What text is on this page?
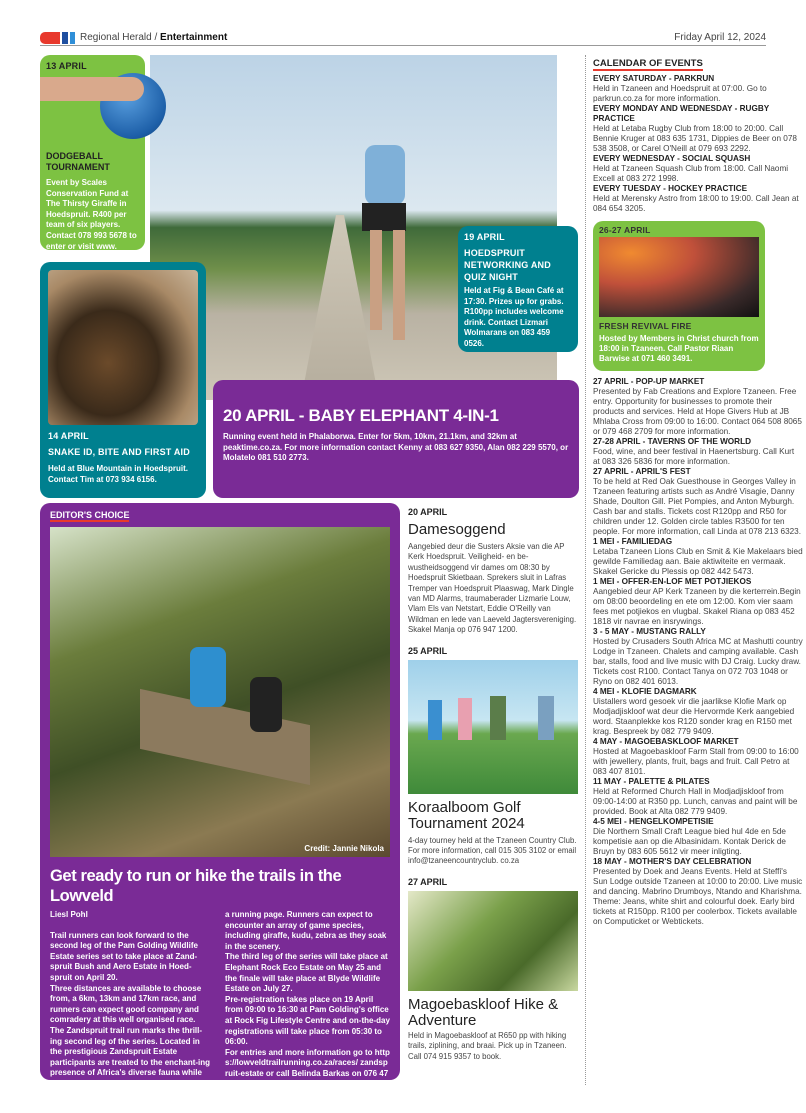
Regional Herald / Entertainment	Friday April 12, 2024
13 APRIL
DODGEBALL TOURNAMENT
Event by Scales Conservation Fund at The Thirsty Giraffe in Hoedspruit. R400 per team of six players. Contact 078 993 5678 to enter or visit www. scales.org.za/events.
14 APRIL
SNAKE ID, BITE AND FIRST AID
Held at Blue Mountain in Hoedspruit. Contact Tim at 073 934 6156.
19 APRIL
HOEDSPRUIT NETWORKING AND QUIZ NIGHT
Held at Fig & Bean Café at 17:30. Prizes up for grabs. R100pp includes welcome drink. Contact Lizmari Wolmarans on 083 459 0526.
20 APRIL - BABY ELEPHANT 4-IN-1
Running event held in Phalaborwa. Enter for 5km, 10km, 21.1km, and 32km at peaktime.co.za. For more information contact Kenny at 083 627 9350, Alan 082 229 5570, or Molatelo 081 510 2773.
EDITOR'S CHOICE
Credit: Jannie Nikola
Get ready to run or hike the trails in the Lowveld
Liesl Pohl

Trail runners can look forward to the second leg of the Pam Golding Wildlife Estate series set to take place at Zand-spruit Bush and Aero Estate in Hoed-spruit on April 20.

Three distances are available to choose from, a 6km, 13km and 17km race, and runners can expect good company and comradery at this well organised race.

The Zandspruit trail run marks the thrill-ing second leg of the series. Located in the prestigious Zandspruit Estate participants are treated to the enchant-ing presence of Africa's diverse fauna while traversing the trials on foot or at

a running page. Runners can expect to encounter an array of game species, including giraffe, kudu, zebra as they soak in the scenery.

The third leg of the series will take place at Elephant Rock Eco Estate on May 25 and the finale will take place at Blyde Wildlife Estate on July 27.

Pre-registration takes place on 19 April from 09:00 to 16:30 at Pam Golding's office at Rock Fig Lifestyle Centre and on-the-day registrations will take place from 05:30 to 06:00.

For entries and more information go to https://lowveldtrailrunning.co.za/races/ zandspruit-estate or call Belinda Barkas on 076 479 8906.

20 APRIL
Damesoggend

Aangebied deur die Susters Aksie van die AP Kerk Hoedspruit. Veiligheid- en be-wustheidsoggend vir dames om 08:30 by Hoedspruit Skietbaan. Sprekers sluit in Lafras Tremper van Hoedspruit Plaaswag, Mark Dingle van MD Alarms, traumaberader Lizmarie Louw, Vlam Els van Netstart, Eddie O'Reilly van Wildman en lede van Laeveld Jagtersvereniging. Skakel Manja op 076 947 1200.

25 APRIL
Koraalboom Golf Tournament 2024

4-day tourney held at the Tzaneen Country Club. For more information, call 015 305 3102 or email info@tzaneencountryclub. co.za

27 APRIL
Magoebaskloof Hike & Adventure

Held in Magoebaskloof at R650 pp with hiking trails, ziplining, and braai. Pick up in Tzaneen. Call 074 915 9357 to book.

CALENDAR OF EVENTS
EVERY SATURDAY - PARKRUN

Held in Tzaneen and Hoedspruit at 07:00. Go to parkrun.co.za for more information.

EVERY MONDAY AND WEDNESDAY - RUGBY PRACTICE

Held at Letaba Rugby Club from 18:00 to 20:00. Call Bennie Kruger at 083 635 1731, Dippies de Beer on 078 538 3508, or Carel O'Neill at 079 693 2292.

EVERY WEDNESDAY - SOCIAL SQUASH

Held at Tzaneen Squash Club from 18:00. Call Naomi Excell at 083 272 1998.

EVERY TUESDAY - HOCKEY PRACTICE

Held at Merensky Astro from 18:00 to 19:00. Call Jean at 084 654 3205.

26-27 APRIL
FRESH REVIVAL FIRE
Hosted by Members in Christ church from 18:00 in Tzaneen. Call Pastor Riaan Barwise at 071 460 3491.
27 APRIL - POP-UP MARKET

Presented by Fab Creations and Explore Tzaneen. Free entry. Opportunity for businesses to promote their products and services. Held at Hope Givers Hub at JB Mhlaba Cross from 09:00 to 16:00. Contact 064 508 8065 or 079 468 2709 for more information.

27-28 APRIL - TAVERNS OF THE WORLD

Food, wine, and beer festival in Haenertsburg. Call Kurt at 083 326 5836 for more information.

27 APRIL - APRIL'S FEST

To be held at Red Oak Guesthouse in Georges Valley in Tzaneen featuring artists such as André Visagie, Danny Shade, Doulton Gill. Piet Pompies, and Anton Myburgh. Cash bar and stalls. Tickets cost R120pp and R50 for children under 12. Golden circle tables R3500 for ten people. For more information, call Linda at 078 213 6323.

1 MEI - FAMILIEDAG

Letaba Tzaneen Lions Club en Smit & Kie Makelaars bied gewilde Familiedag aan. Baie aktiwiteite en vermaak. Skakel Gericke du Plessis op 082 442 5473.

1 MEI - OFFER-EN-LOF MET POTJIEKOS

Aangebied deur AP Kerk Tzaneen by die kerterrein.Begin om 08:00 beoordeling en ete om 12:00. Kom vier saam fees met potjiekos en vlugbal. Skakel Riana op 083 452 1818 vir navrae en insrywings.

3 - 5 MAY - MUSTANG RALLY

Hosted by Crusaders South Africa MC at Mashutti country Lodge in Tzaneen. Chalets and camping available. Cash bar, stalls, food and live music with DJ Craig. Lucky draw. Tickets cost R100. Contact Tanya on 072 703 1048 or Ryno on 082 401 6013.

4 MEI - KLOFIE DAGMARK

Uistallers word gesoek vir die jaarlikse Klofie Mark op Modjadjiskloof wat deur die Hervormde Kerk aangebied word. Staanplekke kos R120 sonder krag en R150 met krag. Bespreek by 082 779 9409.

4 MAY - MAGOEBASKLOOF MARKET

Hosted at Magoebaskloof Farm Stall from 09:00 to 16:00 with jewellery, plants, fruit, bags and fruit. Call Petro at 083 407 8101.

11 MAY - PALETTE & PILATES

Held at Reformed Church Hall in Modjadjiskloof from 09:00-14:00 at R350 pp. Lunch, canvas and paint will be provided. Book at Alta 082 779 9409.

4-5 MEI - HENGELKOMPETISIE

Die Northern Small Craft League bied hul 4de en 5de kompetisie aan op die Albasinidam. Kontak Derick de Bruyn by 083 605 5612 vir meer inligting.

18 MAY - MOTHER'S DAY CELEBRATION

Presented by Doek and Jeans Events. Held at Steffi's Sun Lodge outside Tzaneen at 10:00 to 20:00. Live music and dancing. Mabrino Drumboys, Ntando and Kharishma. Theme: Jeans, white shirt and colourful doek. Early bird tickets at R150pp. R100 per coolerbox. Tickets available on Computicket or Webtickets.
